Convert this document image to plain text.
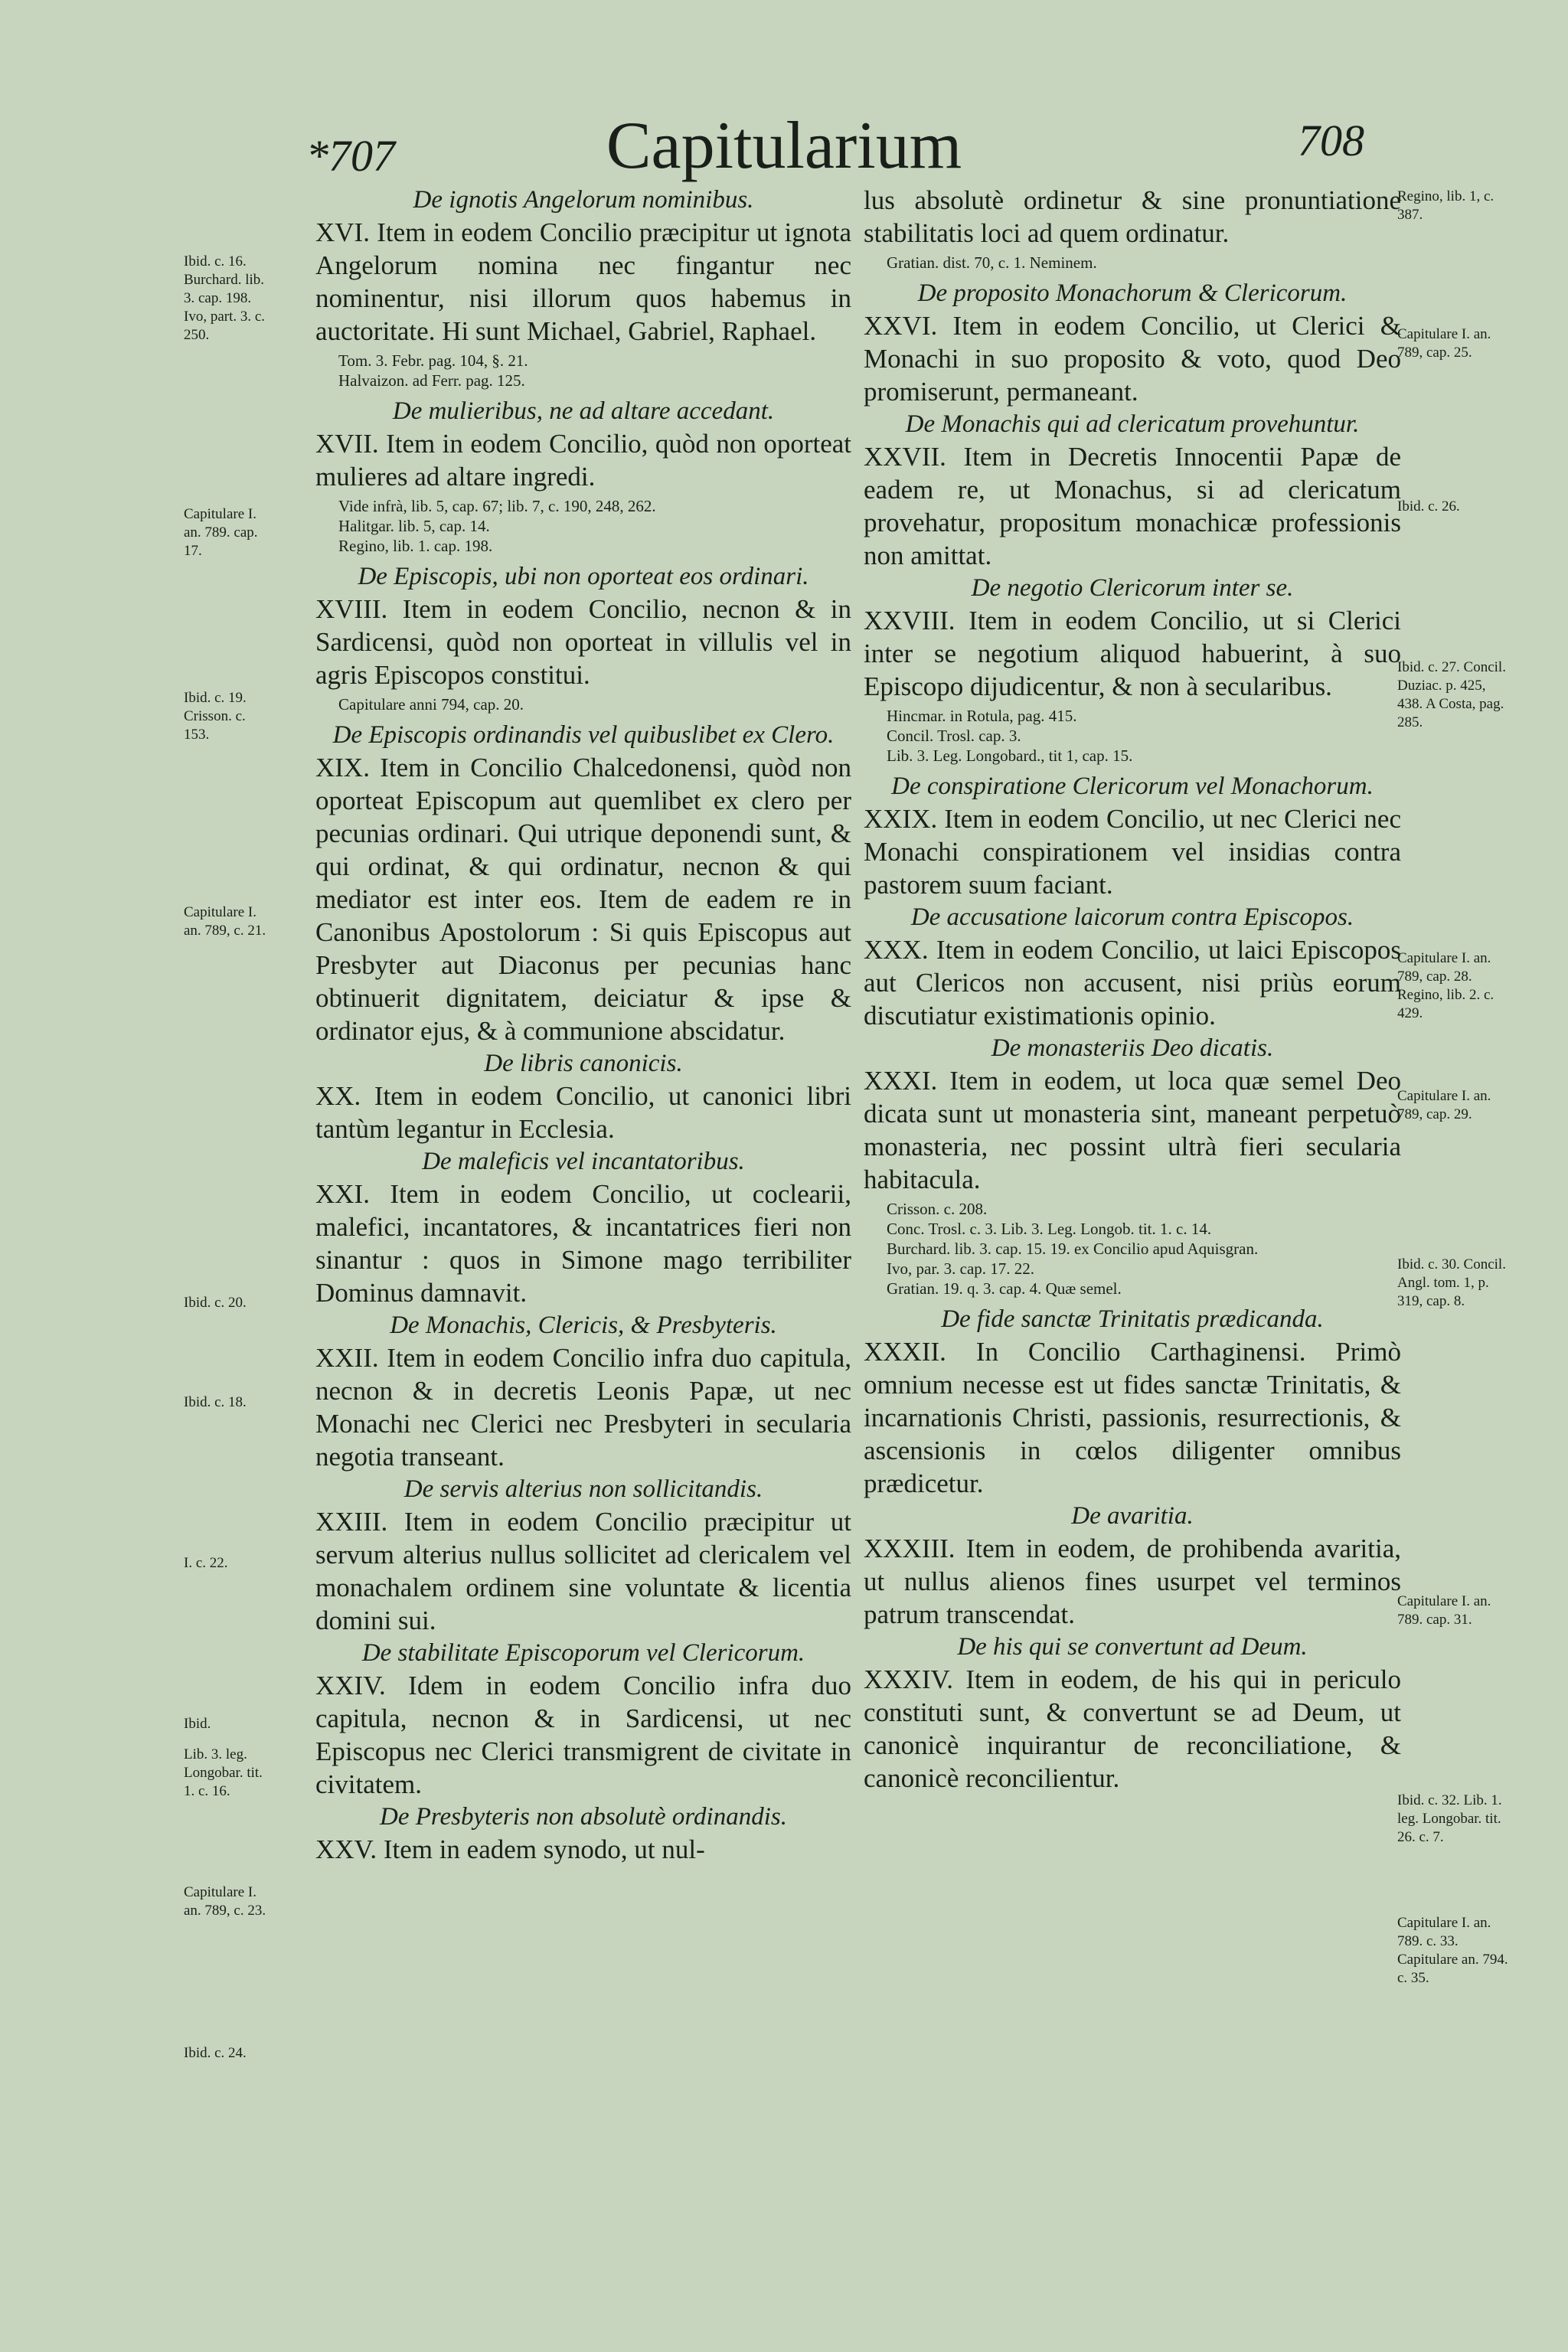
*707	Capitularium	708
De ignotis Angelorum nominibus.

XVI. Item in eodem Concilio præcipitur ut ignota Angelorum nomina nec fingantur nec nominentur, nisi illorum quos habemus in auctoritate. Hi sunt Michael, Gabriel, Raphael.

Tom. 3. Febr. pag. 104, §. 21.
Halvaizon. ad Ferr. pag. 125.
De mulieribus, ne ad altare accedant.

XVII. Item in eodem Concilio, quòd non oporteat mulieres ad altare ingredi.

Vide infrà, lib. 5, cap. 67; lib. 7, c. 190, 248, 262.
Halitgar. lib. 5, cap. 14.
Regino, lib. 1. cap. 198.
De Episcopis, ubi non oporteat eos ordinari.

XVIII. Item in eodem Concilio, necnon & in Sardicensi, quòd non oporteat in villulis vel in agris Episcopos constitui.

Capitulare anni 794, cap. 20.
De Episcopis ordinandis vel quibuslibet ex Clero.

XIX. Item in Concilio Chalcedonensi, quòd non oporteat Episcopum aut quemlibet ex clero per pecunias ordinari. Qui utrique deponendi sunt, & qui ordinat, & qui ordinatur, necnon & qui mediator est inter eos. Item de eadem re in Canonibus Apostolorum : Si quis Episcopus aut Presbyter aut Diaconus per pecunias hanc obtinuerit dignitatem, deiciatur & ipse & ordinator ejus, & à communione abscidatur.

De libris canonicis.

XX. Item in eodem Concilio, ut canonici libri tantùm legantur in Ecclesia.

De maleficis vel incantatoribus.

XXI. Item in eodem Concilio, ut coclearii, malefici, incantatores, & incantatrices fieri non sinantur : quos in Simone mago terribiliter Dominus damnavit.

De Monachis, Clericis, & Presbyteris.

XXII. Item in eodem Concilio infra duo capitula, necnon & in decretis Leonis Papæ, ut nec Monachi nec Clerici nec Presbyteri in secularia negotia transeant.

De servis alterius non sollicitandis.

XXIII. Item in eodem Concilio præcipitur ut servum alterius nullus sollicitet ad clericalem vel monachalem ordinem sine voluntate & licentia domini sui.

De stabilitate Episcoporum vel Clericorum.

XXIV. Idem in eodem Concilio infra duo capitula, necnon & in Sardicensi, ut nec Episcopus nec Clerici transmigrent de civitate in civitatem.

De Presbyteris non absolutè ordinandis.

XXV. Item in eadem synodo, ut nul-

lus absolutè ordinetur & sine pronuntiatione stabilitatis loci ad quem ordinatur.

Gratian. dist. 70, c. 1. Neminem.
De proposito Monachorum & Clericorum.

XXVI. Item in eodem Concilio, ut Clerici & Monachi in suo proposito & voto, quod Deo promiserunt, permaneant.

De Monachis qui ad clericatum provehuntur.

XXVII. Item in Decretis Innocentii Papæ de eadem re, ut Monachus, si ad clericatum provehatur, propositum monachicæ professionis non amittat.

De negotio Clericorum inter se.

XXVIII. Item in eodem Concilio, ut si Clerici inter se negotium aliquod habuerint, à suo Episcopo dijudicentur, & non à secularibus.

Hincmar. in Rotula, pag. 415.
Concil. Trosl. cap. 3.
Lib. 3. Leg. Longobard., tit 1, cap. 15.
De conspiratione Clericorum vel Monachorum.

XXIX. Item in eodem Concilio, ut nec Clerici nec Monachi conspirationem vel insidias contra pastorem suum faciant.

De accusatione laicorum contra Episcopos.

XXX. Item in eodem Concilio, ut laici Episcopos aut Clericos non accusent, nisi priùs eorum discutiatur existimationis opinio.

De monasteriis Deo dicatis.

XXXI. Item in eodem, ut loca quæ semel Deo dicata sunt ut monasteria sint, maneant perpetuò monasteria, nec possint ultrà fieri secularia habitacula.

Crisson. c. 208.
Conc. Trosl. c. 3. Lib. 3. Leg. Longob. tit. 1. c. 14.
Burchard. lib. 3. cap. 15. 19. ex Concilio apud Aquisgran.
Ivo, par. 3. cap. 17. 22.
Gratian. 19. q. 3. cap. 4. Quæ semel.
De fide sanctæ Trinitatis prædicanda.

XXXII. In Concilio Carthaginensi. Primò omnium necesse est ut fides sanctæ Trinitatis, & incarnationis Christi, passionis, resurrectionis, & ascensionis in cœlos diligenter omnibus prædicetur.

De avaritia.

XXXIII. Item in eodem, de prohibenda avaritia, ut nullus alienos fines usurpet vel terminos patrum transcendat.

De his qui se convertunt ad Deum.

XXXIV. Item in eodem, de his qui in periculo constituti sunt, & convertunt se ad Deum, ut canonicè inquirantur de reconciliatione, & canonicè reconcilientur.

Ibid. c. 16. Burchard. lib. 3. cap. 198. Ivo, part. 3. c. 250.
Capitulare I. an. 789. cap. 17.
Ibid. c. 19. Crisson. c. 153.
Capitulare I. an. 789, c. 21.
Ibid. c. 20.
Ibid. c. 18.
I. c. 22.
Ibid.
Lib. 3. leg. Longobar. tit. 1. c. 16.
Capitulare I. an. 789, c. 23.
Ibid. c. 24.
Regino, lib. 1, c. 387.
Capitulare I. an. 789, cap. 25.
Ibid. c. 26.
Ibid. c. 27. Concil. Duziac. p. 425, 438. A Costa, pag. 285.
Capitulare I. an. 789, cap. 28. Regino, lib. 2. c. 429.
Capitulare I. an. 789, cap. 29.
Ibid. c. 30. Concil. Angl. tom. 1, p. 319, cap. 8.
Capitulare I. an. 789. cap. 31.
Ibid. c. 32. Lib. 1. leg. Longobar. tit. 26. c. 7.
Capitulare I. an. 789. c. 33. Capitulare an. 794. c. 35.
